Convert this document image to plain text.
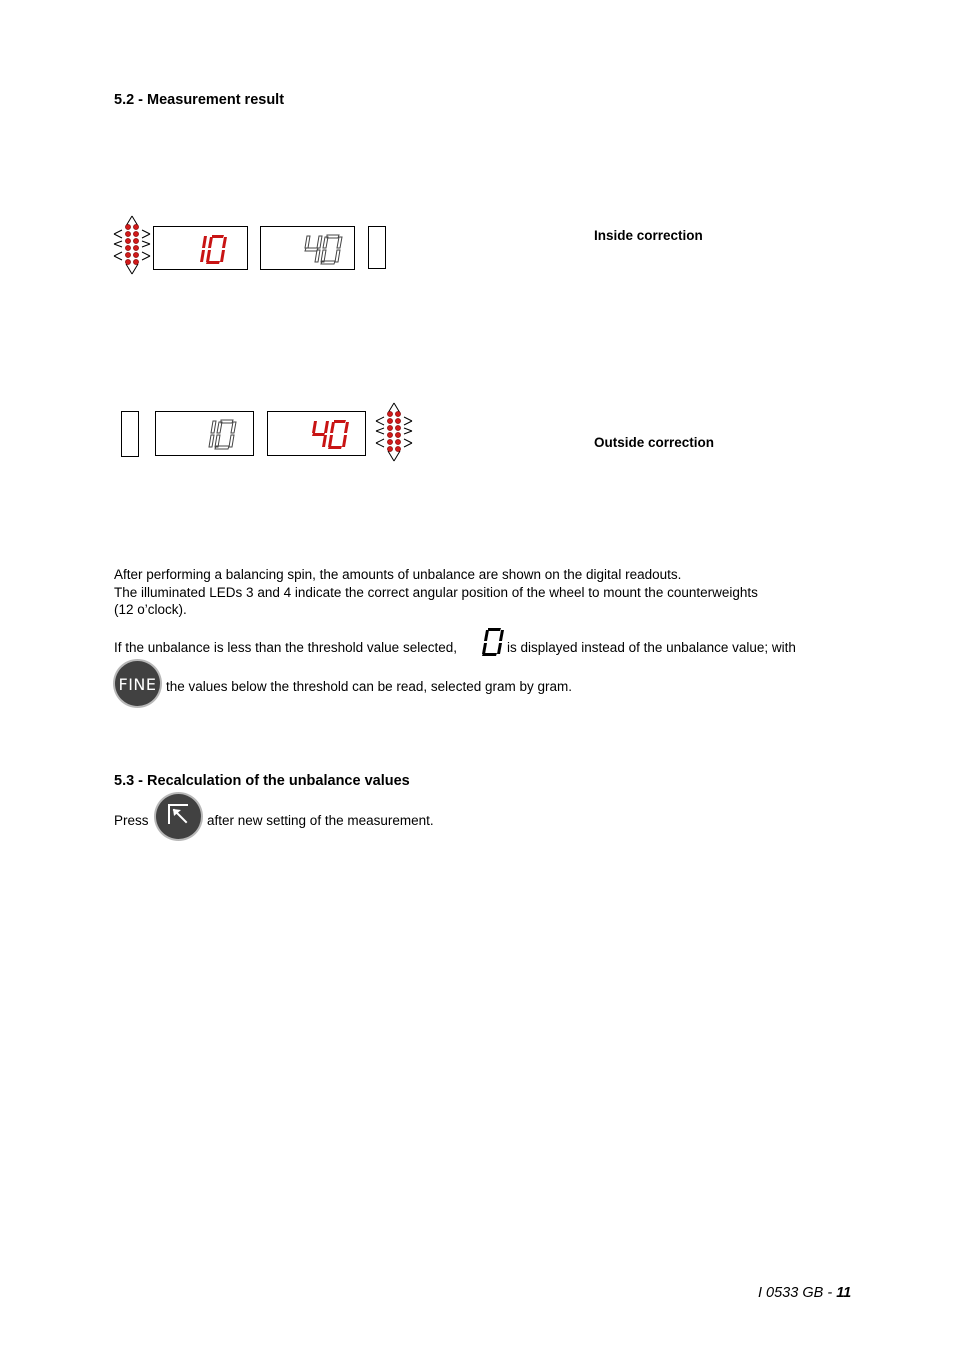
5.2 - Measurement result
Inside correction
Outside correction
After performing a balancing spin, the amounts of unbalance are shown on the digital readouts.
The illuminated LEDs 3 and 4 indicate the correct angular position of the wheel to mount the counterweights
(12 o’clock).
If the unbalance is less than the threshold value selected,	is displayed instead of the unbalance value; with
FINE the values below the threshold can be read, selected gram by gram.
5.3 - Recalculation of the unbalance values
Press	after new setting of the measurement.
I 0533 GB - 11
